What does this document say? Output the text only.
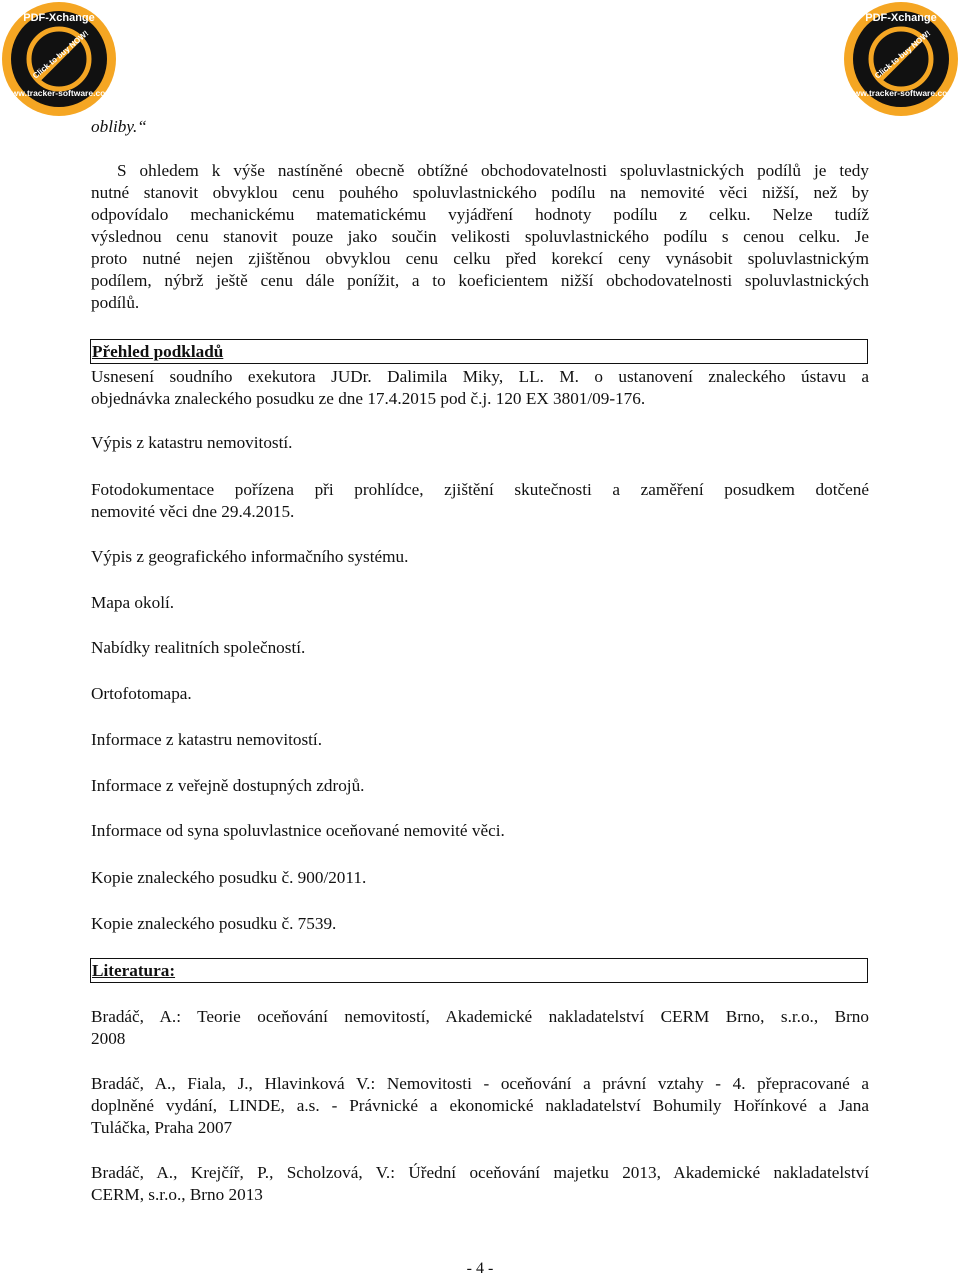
PDF-Xchange
Click to buy NOW!
www.tracker-software.com
PDF-Xchange
Click to buy NOW!
www.tracker-software.com
obliby.“
S ohledem k výše nastíněné obecně obtížné obchodovatelnosti spoluvlastnických podílů je tedy
nutné stanovit obvyklou cenu pouhého spoluvlastnického podílu na nemovité věci nižší, než by
odpovídalo mechanickému matematickému vyjádření hodnoty podílu z celku. Nelze tudíž
výslednou cenu stanovit pouze jako součin velikosti spoluvlastnického podílu s cenou celku. Je
proto nutné nejen zjištěnou obvyklou cenu celku před korekcí ceny vynásobit spoluvlastnickým
podílem, nýbrž ještě cenu dále ponížit, a to koeficientem nižší obchodovatelnosti spoluvlastnických
podílů.
Přehled podkladů
Usnesení soudního exekutora JUDr. Dalimila Miky, LL. M. o ustanovení znaleckého ústavu a
objednávka znaleckého posudku ze dne 17.4.2015 pod č.j. 120 EX 3801/09-176.
Výpis z katastru nemovitostí.
Fotodokumentace pořízena při prohlídce, zjištění skutečnosti a zaměření posudkem dotčené
nemovité věci dne 29.4.2015.
Výpis z geografického informačního systému.
Mapa okolí.
Nabídky realitních společností.
Ortofotomapa.
Informace z katastru nemovitostí.
Informace z veřejně dostupných zdrojů.
Informace od syna spoluvlastnice oceňované nemovité věci.
Kopie znaleckého posudku č. 900/2011.
Kopie znaleckého posudku č. 7539.
Literatura:
Bradáč, A.: Teorie oceňování nemovitostí, Akademické nakladatelství CERM Brno, s.r.o., Brno
2008
Bradáč, A., Fiala, J., Hlavinková V.: Nemovitosti - oceňování a právní vztahy - 4. přepracované a
doplněné vydání, LINDE, a.s. - Právnické a ekonomické nakladatelství Bohumily Hořínkové a Jana
Tuláčka, Praha 2007
Bradáč, A., Krejčíř, P., Scholzová, V.: Úřední oceňování majetku 2013, Akademické nakladatelství
CERM, s.r.o., Brno 2013
- 4 -
